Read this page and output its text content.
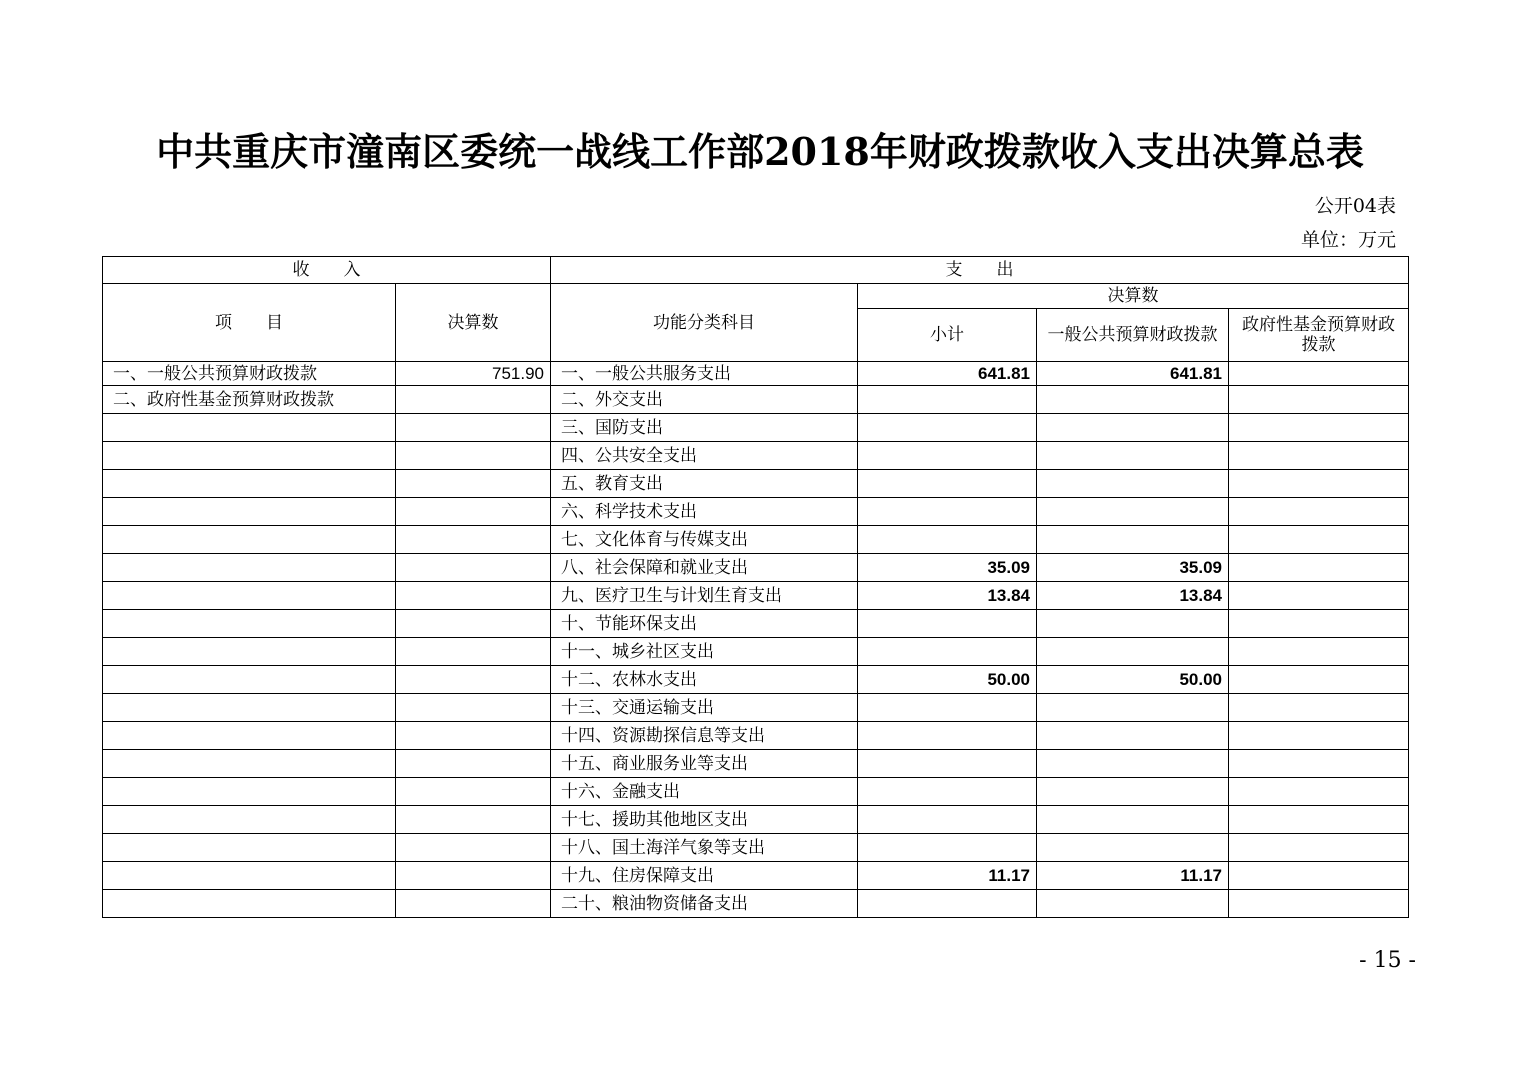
中共重庆市潼南区委统一战线工作部2018年财政拨款收入支出决算总表
公开04表
单位：万元
收　　入		支　　出			
项　　目	决算数	功能分类科目	决算数		
			小计	一般公共预算财政拨款	政府性基金预算财政拨款
一、一般公共预算财政拨款	751.90	一、一般公共服务支出	641.81	641.81	
二、政府性基金预算财政拨款		二、外交支出			
		三、国防支出			
		四、公共安全支出			
		五、教育支出			
		六、科学技术支出			
		七、文化体育与传媒支出			
		八、社会保障和就业支出	35.09	35.09	
		九、医疗卫生与计划生育支出	13.84	13.84	
		十、节能环保支出			
		十一、城乡社区支出			
		十二、农林水支出	50.00	50.00	
		十三、交通运输支出			
		十四、资源勘探信息等支出			
		十五、商业服务业等支出			
		十六、金融支出			
		十七、援助其他地区支出			
		十八、国土海洋气象等支出			
		十九、住房保障支出	11.17	11.17	
		二十、粮油物资储备支出			
- 15 -
